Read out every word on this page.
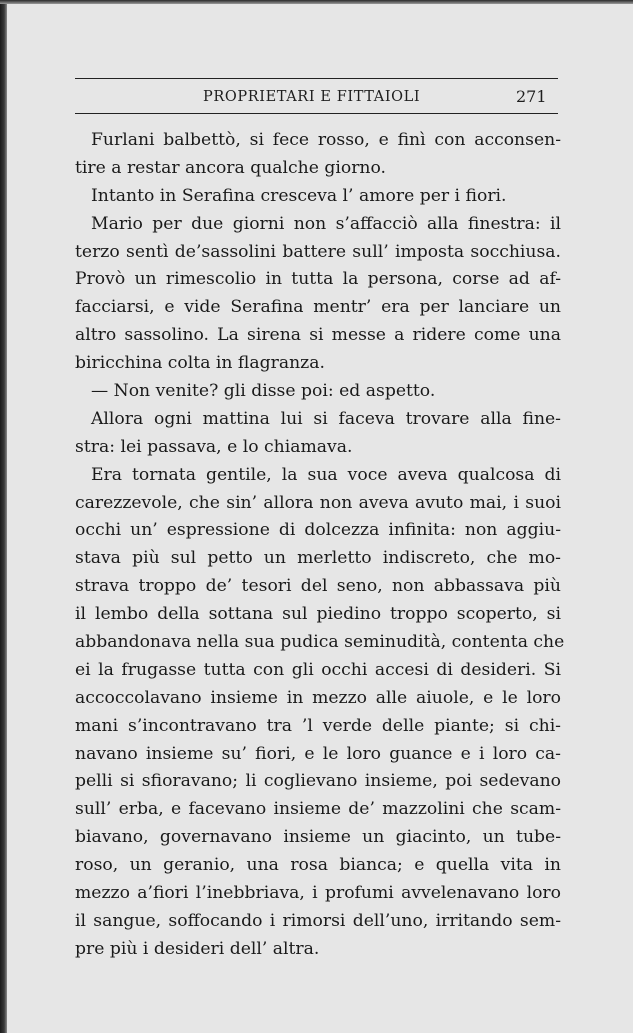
PROPRIETARI E FITTAIOLI	271
Furlani balbettò, si fece rosso, e finì con acconsen-
tire a restar ancora qualche giorno.
Intanto in Serafina cresceva l’ amore per i fiori.
Mario per due giorni non s’affacciò alla finestra: il
terzo sentì de’sassolini battere sull’ imposta socchiusa.
Provò un rimescolio in tutta la persona, corse ad af-
facciarsi, e vide Serafina mentr’ era per lanciare un
altro sassolino. La sirena si messe a ridere come una
biricchina colta in flagranza.
— Non venite? gli disse poi: ed aspetto.
Allora ogni mattina lui si faceva trovare alla fine-
stra: lei passava, e lo chiamava.
Era tornata gentile, la sua voce aveva qualcosa di
carezzevole, che sin’ allora non aveva avuto mai, i suoi
occhi un’ espressione di dolcezza infinita: non aggiu-
stava più sul petto un merletto indiscreto, che mo-
strava troppo de’ tesori del seno, non abbassava più
il lembo della sottana sul piedino troppo scoperto, si
abbandonava nella sua pudica seminudità, contenta che
ei la frugasse tutta con gli occhi accesi di desideri. Si
accoccolavano insieme in mezzo alle aiuole, e le loro
mani s’incontravano tra ’l verde delle piante; si chi-
navano insieme su’ fiori, e le loro guance e i loro ca-
pelli si sfioravano; li coglievano insieme, poi sedevano
sull’ erba, e facevano insieme de’ mazzolini che scam-
biavano, governavano insieme un giacinto, un tube-
roso, un geranio, una rosa bianca; e quella vita in
mezzo a’fiori l’inebbriava, i profumi avvelenavano loro
il sangue, soffocando i rimorsi dell’uno, irritando sem-
pre più i desideri dell’ altra.
